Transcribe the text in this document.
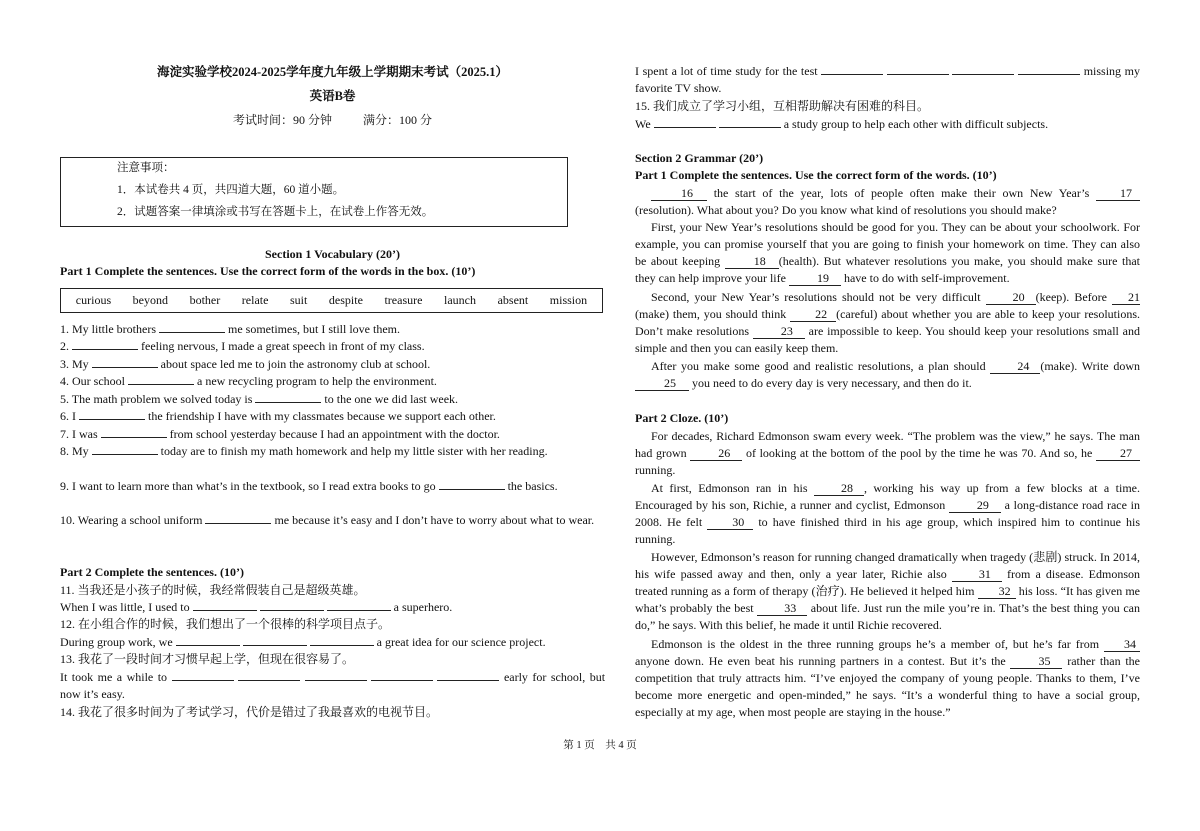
海淀实验学校2024-2025学年度九年级上学期期末考试（2025.1）
英语B卷
考试时间：90 分钟	满分：100 分
注意事项：
1．本试卷共 4 页，共四道大题，60 道小题。
2．试题答案一律填涂或书写在答题卡上，在试卷上作答无效。
Section 1 Vocabulary (20’)
Part 1 Complete the sentences. Use the correct form of the words in the box. (10’)
curious beyond bother relate suit despite treasure launch absent mission
1. My little brothers	me sometimes, but I still love them.
2.	feeling nervous, I made a great speech in front of my class.
3. My	about space led me to join the astronomy club at school.
4. Our school	a new recycling program to help the environment.
5. The math problem we solved today is	to the one we did last week.
6. I	the friendship I have with my classmates because we support each other.
7. I was	from school yesterday because I had an appointment with the doctor.
8. My	today are to finish my math homework and help my little sister with her reading.
9. I want to learn more than what’s in the textbook, so I read extra books to go	the basics.
10. Wearing a school uniform	me because it’s easy and I don’t have to worry about what to wear.
Part 2 Complete the sentences. (10’)
11. 当我还是小孩子的时候，我经常假装自己是超级英雄。
When I was little, I used to	a superhero.
12. 在小组合作的时候，我们想出了一个很棒的科学项目点子。
During group work, we	a great idea for our science project.
13. 我花了一段时间才习惯早起上学，但现在很容易了。
It took me a while to	early for school, but now it’s easy.
14. 我花了很多时间为了考试学习，代价是错过了我最喜欢的电视节目。
I spent a lot of time study for the test	missing my favorite TV show.
15. 我们成立了学习小组，互相帮助解决有困难的科目。
We	a study group to help each other with difficult subjects.
Section 2 Grammar (20’)
Part 1 Complete the sentences. Use the correct form of the words. (10’)
16 the start of the year, lots of people often make their own New Year’s 17(resolution). What about you? Do you know what kind of resolutions you should make?
First, your New Year’s resolutions should be good for you. They can be about your schoolwork. For example, you can promise yourself that you are going to finish your homework on time. They can also be about keeping 18 (health). But whatever resolutions you make, you should make sure that they can help improve your life 19 have to do with self-improvement.
Second, your New Year’s resolutions should not be very difficult 20 (keep). Before 21(make) them, you should think 22 (careful) about whether you are able to keep your resolutions. Don’t make resolutions 23 are impossible to keep. You should keep your resolutions small and simple and then you can easily keep them.
After you make some good and realistic resolutions, a plan should 24 (make). Write down 25 you need to do every day is very necessary, and then do it.
Part 2 Cloze. (10’)
For decades, Richard Edmonson swam every week. “The problem was the view,” he says. The man had grown 26 of looking at the bottom of the pool by the time he was 70. And so, he 27 running.
At first, Edmonson ran in his 28 , working his way up from a few blocks at a time. Encouraged by his son, Richie, a runner and cyclist, Edmonson 29 a long-distance road race in 2008. He felt 30 to have finished third in his age group, which inspired him to continue his running.
However, Edmonson’s reason for running changed dramatically when tragedy (悲剧) struck. In 2014, his wife passed away and then, only a year later, Richie also 31 from a disease. Edmonson treated running as a form of therapy (治疗). He believed it helped him 32 his loss. “It has given me what’s probably the best 33 about life. Just run the mile you’re in. That’s the best thing you can do,” he says. With this belief, he made it until Richie recovered.
Edmonson is the oldest in the three running groups he’s a member of, but he’s far from 34 anyone down. He even beat his running partners in a contest. But it’s the 35 rather than the competition that truly attracts him. “I’ve enjoyed the company of young people. Thanks to them, I’ve become more energetic and open-minded,” he says. “It’s a wonderful thing to have a social group, especially at my age, when most people are staying in the house.”
第 1 页　共 4 页
